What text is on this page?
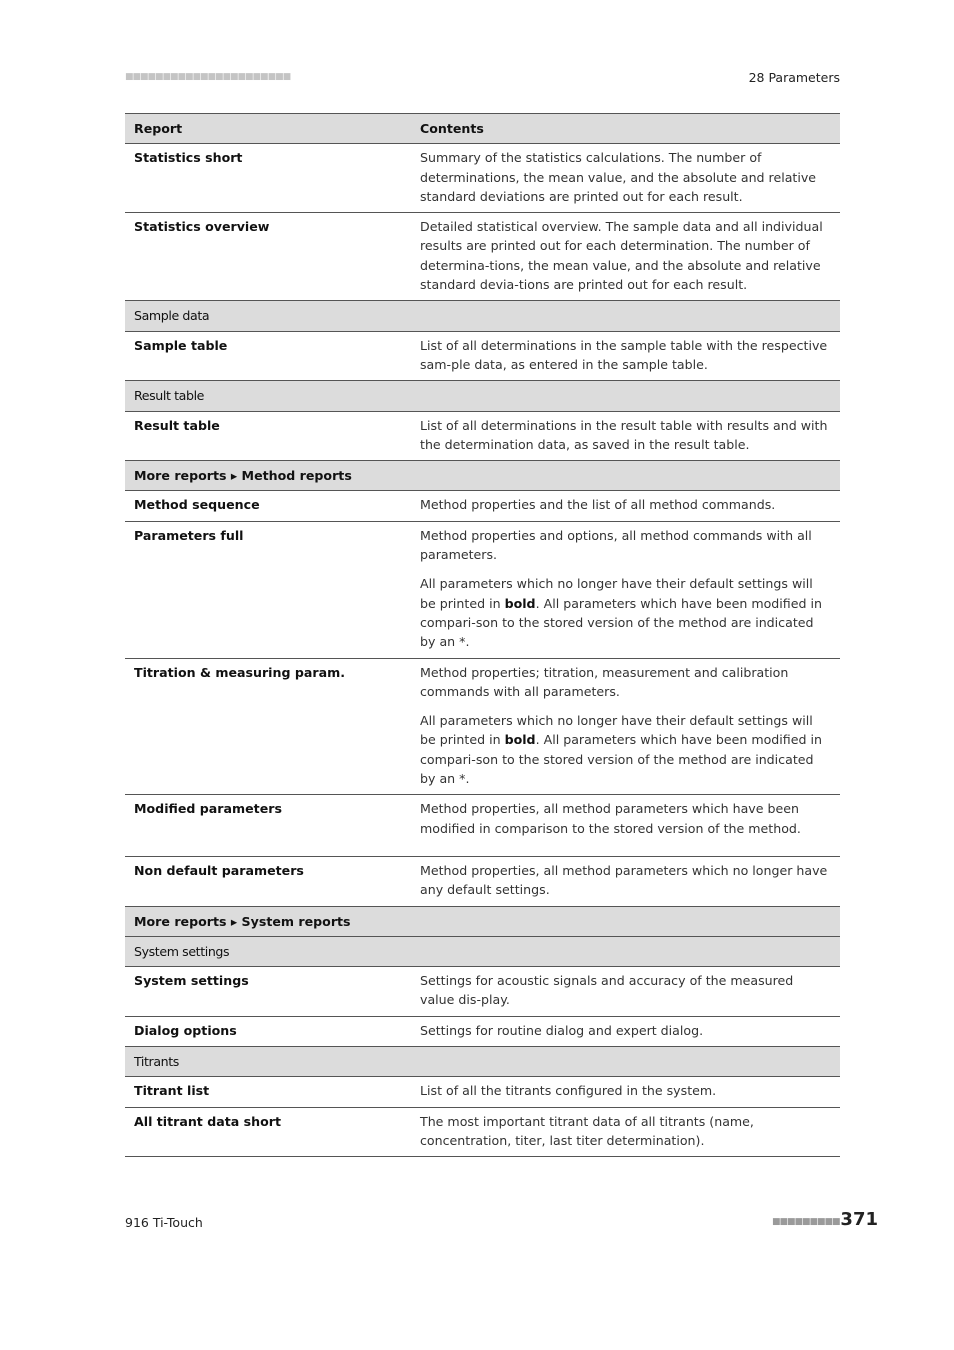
■■■■■■■■■■■■■■■■■■■■■■	28 Parameters
Report	Contents
Statistics short	Summary of the statistics calculations. The number of determinations, the mean value, and the absolute and relative standard deviations are printed out for each result.
Statistics overview	Detailed statistical overview. The sample data and all individual results are printed out for each determination. The number of determina-tions, the mean value, and the absolute and relative standard devia-tions are printed out for each result.
Sample data	
Sample table	List of all determinations in the sample table with the respective sam-ple data, as entered in the sample table.
Result table	
Result table	List of all determinations in the result table with results and with the determination data, as saved in the result table.
More reports ▸ Method reports	
Method sequence	Method properties and the list of all method commands.
Parameters full	Method properties and options, all method commands with all parameters.

All parameters which no longer have their default settings will be printed in bold. All parameters which have been modified in compari-son to the stored version of the method are indicated by an *.

Titration & measuring param.	Method properties; titration, measurement and calibration commands with all parameters.

All parameters which no longer have their default settings will be printed in bold. All parameters which have been modified in compari-son to the stored version of the method are indicated by an *.

Modified parameters	Method properties, all method parameters which have been modified in comparison to the stored version of the method.
Non default parameters	Method properties, all method parameters which no longer have any default settings.
More reports ▸ System reports	
System settings	
System settings	Settings for acoustic signals and accuracy of the measured value dis-play.
Dialog options	Settings for routine dialog and expert dialog.
Titrants	
Titrant list	List of all the titrants configured in the system.
All titrant data short	The most important titrant data of all titrants (name, concentration, titer, last titer determination).
916 Ti-Touch	■■■■■■■■■ 371
